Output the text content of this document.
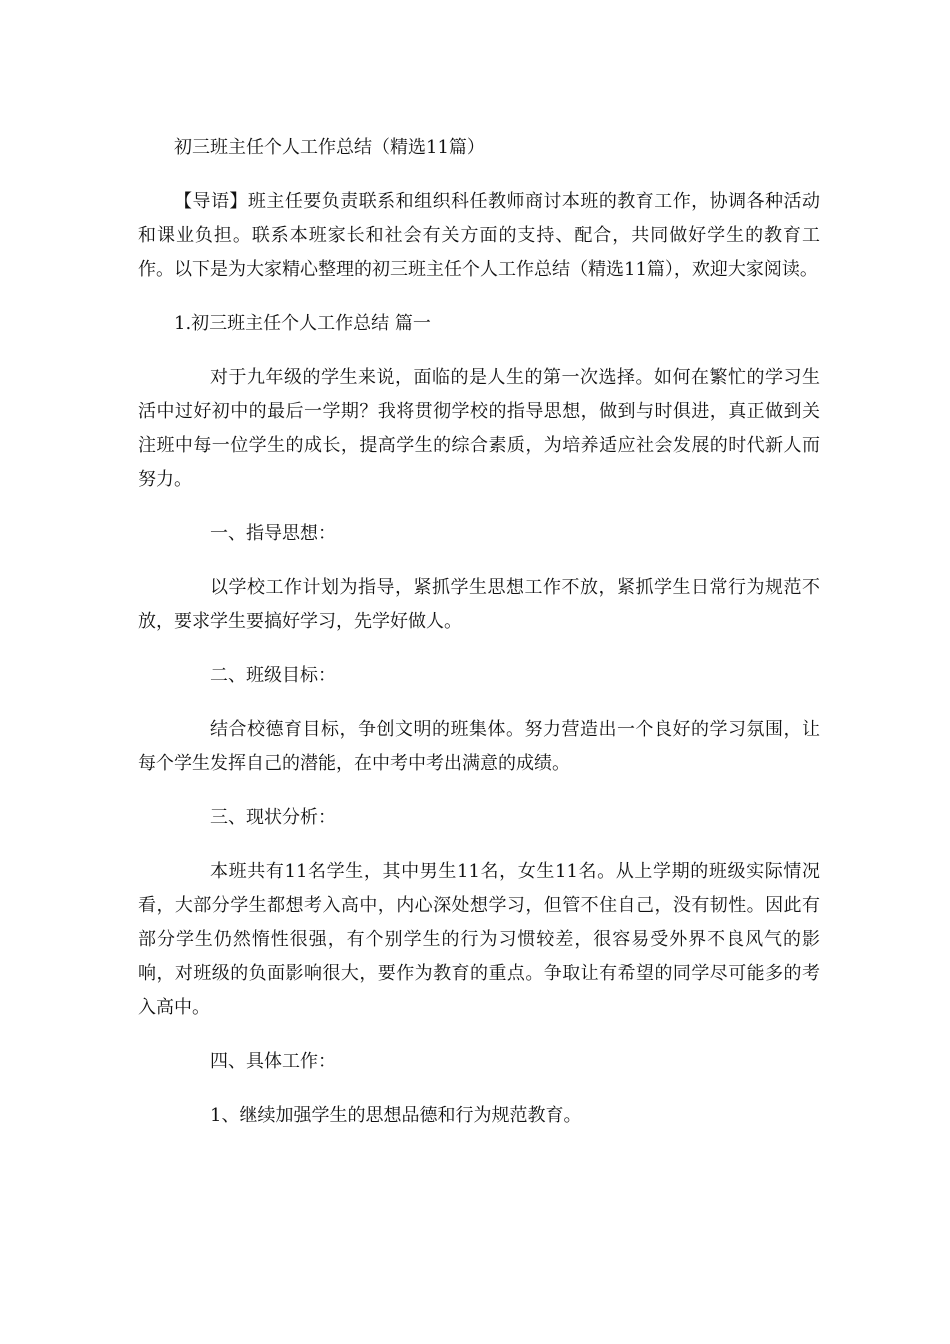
初三班主任个人工作总结（精选11篇）

【导语】班主任要负责联系和组织科任教师商讨本班的教育工作，协调各种活动和课业负担。联系本班家长和社会有关方面的支持、配合，共同做好学生的教育工作。以下是为大家精心整理的初三班主任个人工作总结（精选11篇），欢迎大家阅读。

1.初三班主任个人工作总结 篇一

对于九年级的学生来说，面临的是人生的第一次选择。如何在繁忙的学习生活中过好初中的最后一学期？我将贯彻学校的指导思想，做到与时俱进，真正做到关注班中每一位学生的成长，提高学生的综合素质，为培养适应社会发展的时代新人而努力。

一、指导思想：

以学校工作计划为指导，紧抓学生思想工作不放，紧抓学生日常行为规范不放，要求学生要搞好学习，先学好做人。

二、班级目标：

结合校德育目标，争创文明的班集体。努力营造出一个良好的学习氛围，让每个学生发挥自己的潜能，在中考中考出满意的成绩。

三、现状分析：

本班共有11名学生，其中男生11名，女生11名。从上学期的班级实际情况看，大部分学生都想考入高中，内心深处想学习，但管不住自己，没有韧性。因此有部分学生仍然惰性很强，有个别学生的行为习惯较差，很容易受外界不良风气的影响，对班级的负面影响很大，要作为教育的重点。争取让有希望的同学尽可能多的考入高中。

四、具体工作：

1、继续加强学生的思想品德和行为规范教育。
